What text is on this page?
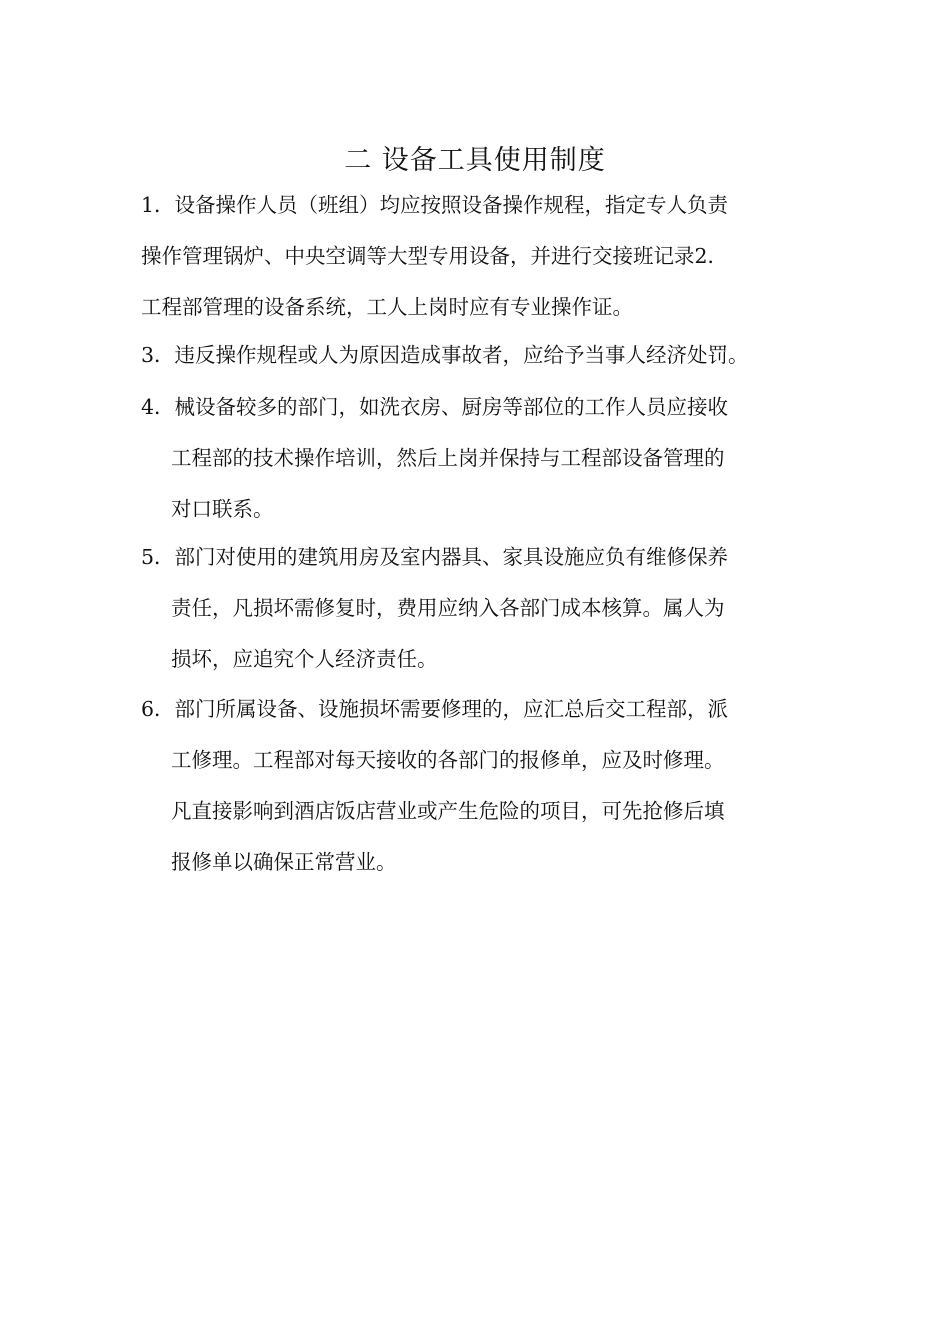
二 设备工具使用制度
1．设备操作人员（班组）均应按照设备操作规程，指定专人负责
操作管理锅炉、中央空调等大型专用设备，并进行交接班记录2．
工程部管理的设备系统，工人上岗时应有专业操作证。
3．违反操作规程或人为原因造成事故者，应给予当事人经济处罚。
4．械设备较多的部门，如洗衣房、厨房等部位的工作人员应接收
工程部的技术操作培训，然后上岗并保持与工程部设备管理的
对口联系。
5．部门对使用的建筑用房及室内器具、家具设施应负有维修保养
责任，凡损坏需修复时，费用应纳入各部门成本核算。属人为
损坏，应追究个人经济责任。
6．部门所属设备、设施损坏需要修理的，应汇总后交工程部，派
工修理。工程部对每天接收的各部门的报修单，应及时修理。
凡直接影响到酒店饭店营业或产生危险的项目，可先抢修后填
报修单以确保正常营业。
